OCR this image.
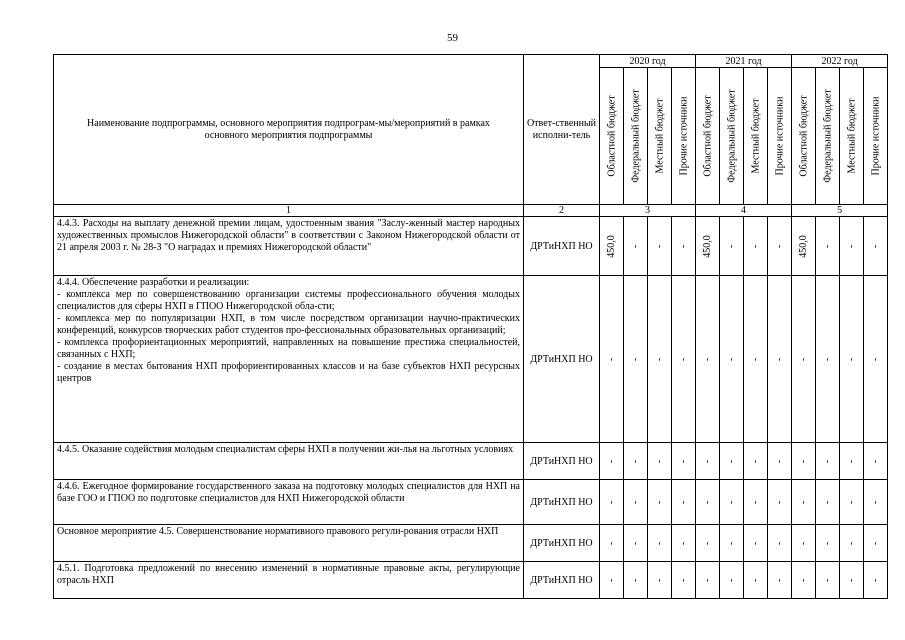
59
Наименование подпрограммы, основного мероприятия подпрограм-мы/мероприятий в рамках основного мероприятия подпрограммы	Ответ-ственный исполни-тель	2020 год				2021 год				2022 год			

		Областной бюджет	Федеральный бюджет	Местный бюджет	Прочие источники	Областной бюджет	Федеральный бюджет	Местный бюджет	Прочие источники	Областной бюджет	Федеральный бюджет	Местный бюджет	Прочие источники

1	2	3				4				5			

4.4.3. Расходы на выплату денежной премии лицам, удостоенным звания "Заслу-женный мастер народных художественных промыслов Нижегородской области" в соответствии с Законом Нижегородской области от 21 апреля 2003 г. № 28-З "О наградах и премиях Нижегородской области"	ДРТиНХП НО	450,0	-	-	-	450,0	-	-	-	450,0	-	-	-

4.4.4. Обеспечение разработки и реализации:
- комплекса мер по совершенствованию организации системы профессионального обучения молодых специалистов для сферы НХП в ГПОО Нижегородской обла-сти;
- комплекса мер по популяризации НХП, в том числе посредством организации научно-практических конференций, конкурсов творческих работ студентов про-фессиональных образовательных организаций;
- комплекса профориентационных мероприятий, направленных на повышение престижа специальностей, связанных с НХП;
- создание в местах бытования НХП профориентированных классов и на базе субъектов НХП ресурсных центров	ДРТиНХП НО	-	-	-	-	-	-	-	-	-	-	-	-

4.4.5. Оказание содействия молодым специалистам сферы НХП в получении жи-лья на льготных условиях	ДРТиНХП НО	-	-	-	-	-	-	-	-	-	-	-	-

4.4.6. Ежегодное формирование государственного заказа на подготовку молодых специалистов для НХП на базе ГОО и ГПОО по подготовке специалистов для НХП Нижегородской области	ДРТиНХП НО	-	-	-	-	-	-	-	-	-	-	-	-

Основное мероприятие 4.5. Совершенствование нормативного правового регули-рования отрасли НХП	ДРТиНХП НО	-	-	-	-	-	-	-	-	-	-	-	-

4.5.1. Подготовка предложений по внесению изменений в нормативные правовые акты, регулирующие отрасль НХП	ДРТиНХП НО	-	-	-	-	-	-	-	-	-	-	-	-
